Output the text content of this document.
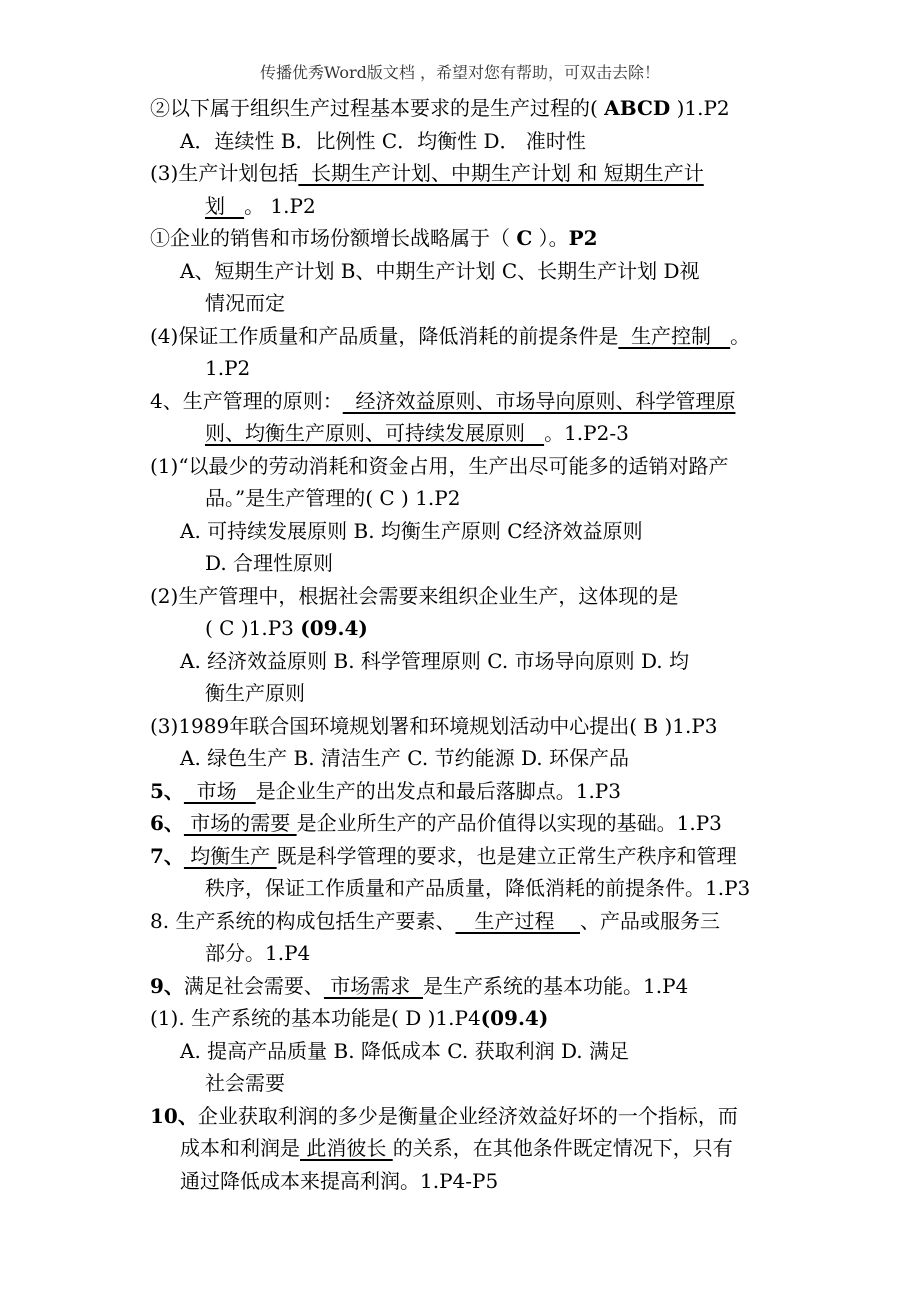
传播优秀Word版文档 ，希望对您有帮助，可双击去除！
②以下属于组织生产过程基本要求的是生产过程的( ABCD )1.P2
A．连续性 B．比例性 C．均衡性 D． 准时性
(3)生产计划包括  长期生产计划、中期生产计划 和 短期生产计
划   。 1.P2
①企业的销售和市场份额增长战略属于（ C ）。P2
A、短期生产计划 B、中期生产计划 C、长期生产计划 D视
情况而定
(4)保证工作质量和产品质量，降低消耗的前提条件是  生产控制   。
1.P2
4、生产管理的原则：  经济效益原则、市场导向原则、科学管理原
则、均衡生产原则、可持续发展原则   。1.P2-3
(1)“以最少的劳动消耗和资金占用，生产出尽可能多的适销对路产
品。”是生产管理的( C ) 1.P2
A. 可持续发展原则 B. 均衡生产原则 C经济效益原则
D. 合理性原则
(2)生产管理中，根据社会需要来组织企业生产，这体现的是
( C )1.P3 (09.4)
A. 经济效益原则 B. 科学管理原则 C. 市场导向原则 D. 均
衡生产原则
(3)1989年联合国环境规划署和环境规划活动中心提出( B )1.P3
A. 绿色生产 B. 清洁生产 C. 节约能源 D. 环保产品
5、  市场   是企业生产的出发点和最后落脚点。1.P3
6、 市场的需要 是企业所生产的产品价值得以实现的基础。1.P3
7、 均衡生产 既是科学管理的要求，也是建立正常生产秩序和管理
秩序，保证工作质量和产品质量，降低消耗的前提条件。1.P3
8. 生产系统的构成包括生产要素、   生产过程    、产品或服务三
部分。1.P4
9、满足社会需要、 市场需求  是生产系统的基本功能。1.P4
(1). 生产系统的基本功能是( D )1.P4(09.4)
A. 提高产品质量 B. 降低成本 C. 获取利润 D. 满足
社会需要
10、企业获取利润的多少是衡量企业经济效益好坏的一个指标，而
成本和利润是 此消彼长 的关系，在其他条件既定情况下，只有
通过降低成本来提高利润。1.P4-P5
